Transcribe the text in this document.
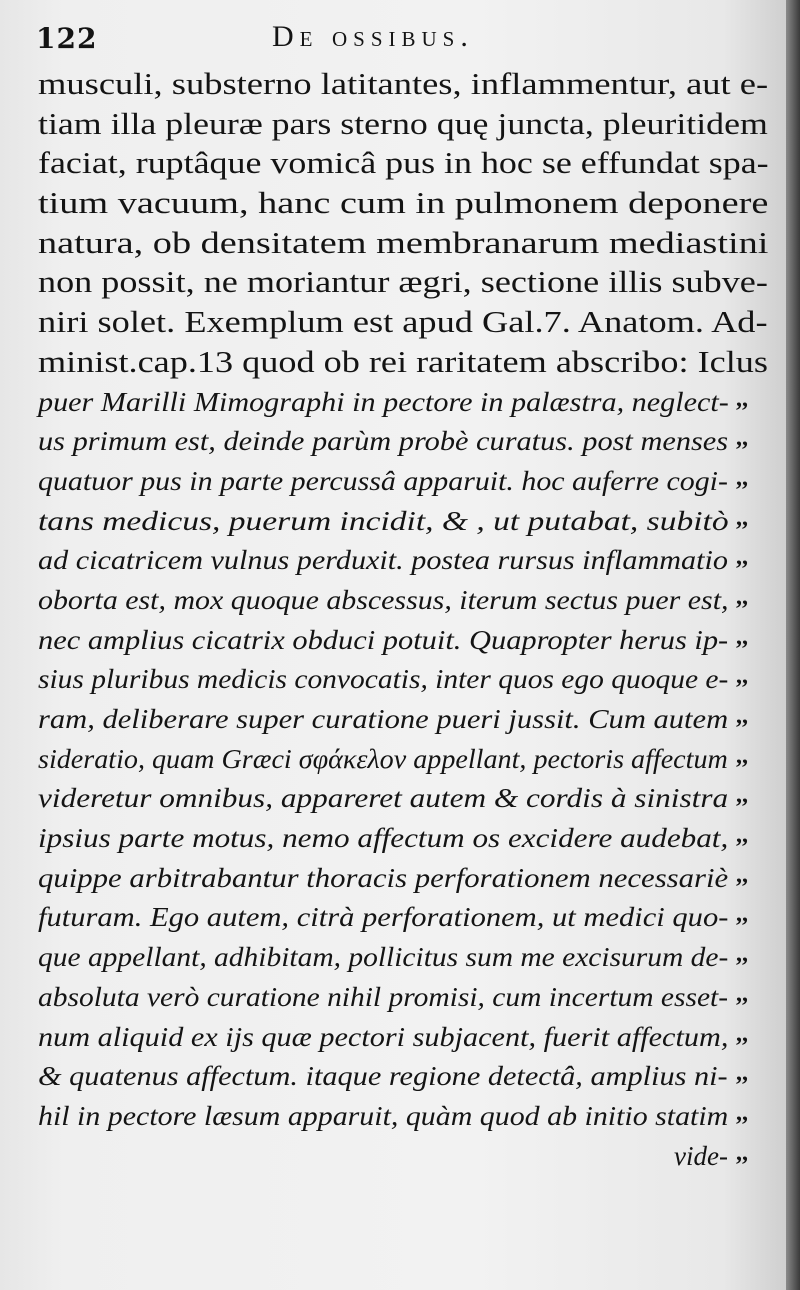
122	De ossibus.
musculi, substerno latitantes, inflammentur, aut e-
tiam illa pleuræ pars sterno quę juncta, pleuritidem
faciat, ruptâque vomicâ pus in hoc se effundat spa-
tium vacuum, hanc cum in pulmonem deponere
natura, ob densitatem membranarum mediastini
non possit, ne moriantur ægri, sectione illis subve-
niri solet. Exemplum est apud Gal.7. Anatom. Ad-
minist.cap.13 quod ob rei raritatem abscribo: Iclus
puer Marilli Mimographi in pectore in palæstra, neglect- ,,
us primum est, deinde parùm probè curatus. post menses ,,
quatuor pus in parte percussâ apparuit. hoc auferre cogi- ,,
tans medicus, puerum incidit, & , ut putabat, subitò ,,
ad cicatricem vulnus perduxit. postea rursus inflammatio ,,
oborta est, mox quoque abscessus, iterum sectus puer est, ,,
nec amplius cicatrix obduci potuit. Quapropter herus ip- ,,
sius pluribus medicis convocatis, inter quos ego quoque e- ,,
ram, deliberare super curatione pueri jussit. Cum autem ,,
sideratio, quam Græci σφάκελον appellant, pectoris affectum ,,
videretur omnibus, appareret autem & cordis à sinistra ,,
ipsius parte motus, nemo affectum os excidere audebat, ,,
quippe arbitrabantur thoracis perforationem necessariè ,,
futuram. Ego autem, citrà perforationem, ut medici quo- ,,
que appellant, adhibitam, pollicitus sum me excisurum de- ,,
absoluta verò curatione nihil promisi, cum incertum esset- ,,
num aliquid ex ijs quæ pectori subjacent, fuerit affectum, ,,
& quatenus affectum. itaque regione detectâ, amplius ni- ,,
hil in pectore læsum apparuit, quàm quod ab initio statim ,,
vide- ,,
